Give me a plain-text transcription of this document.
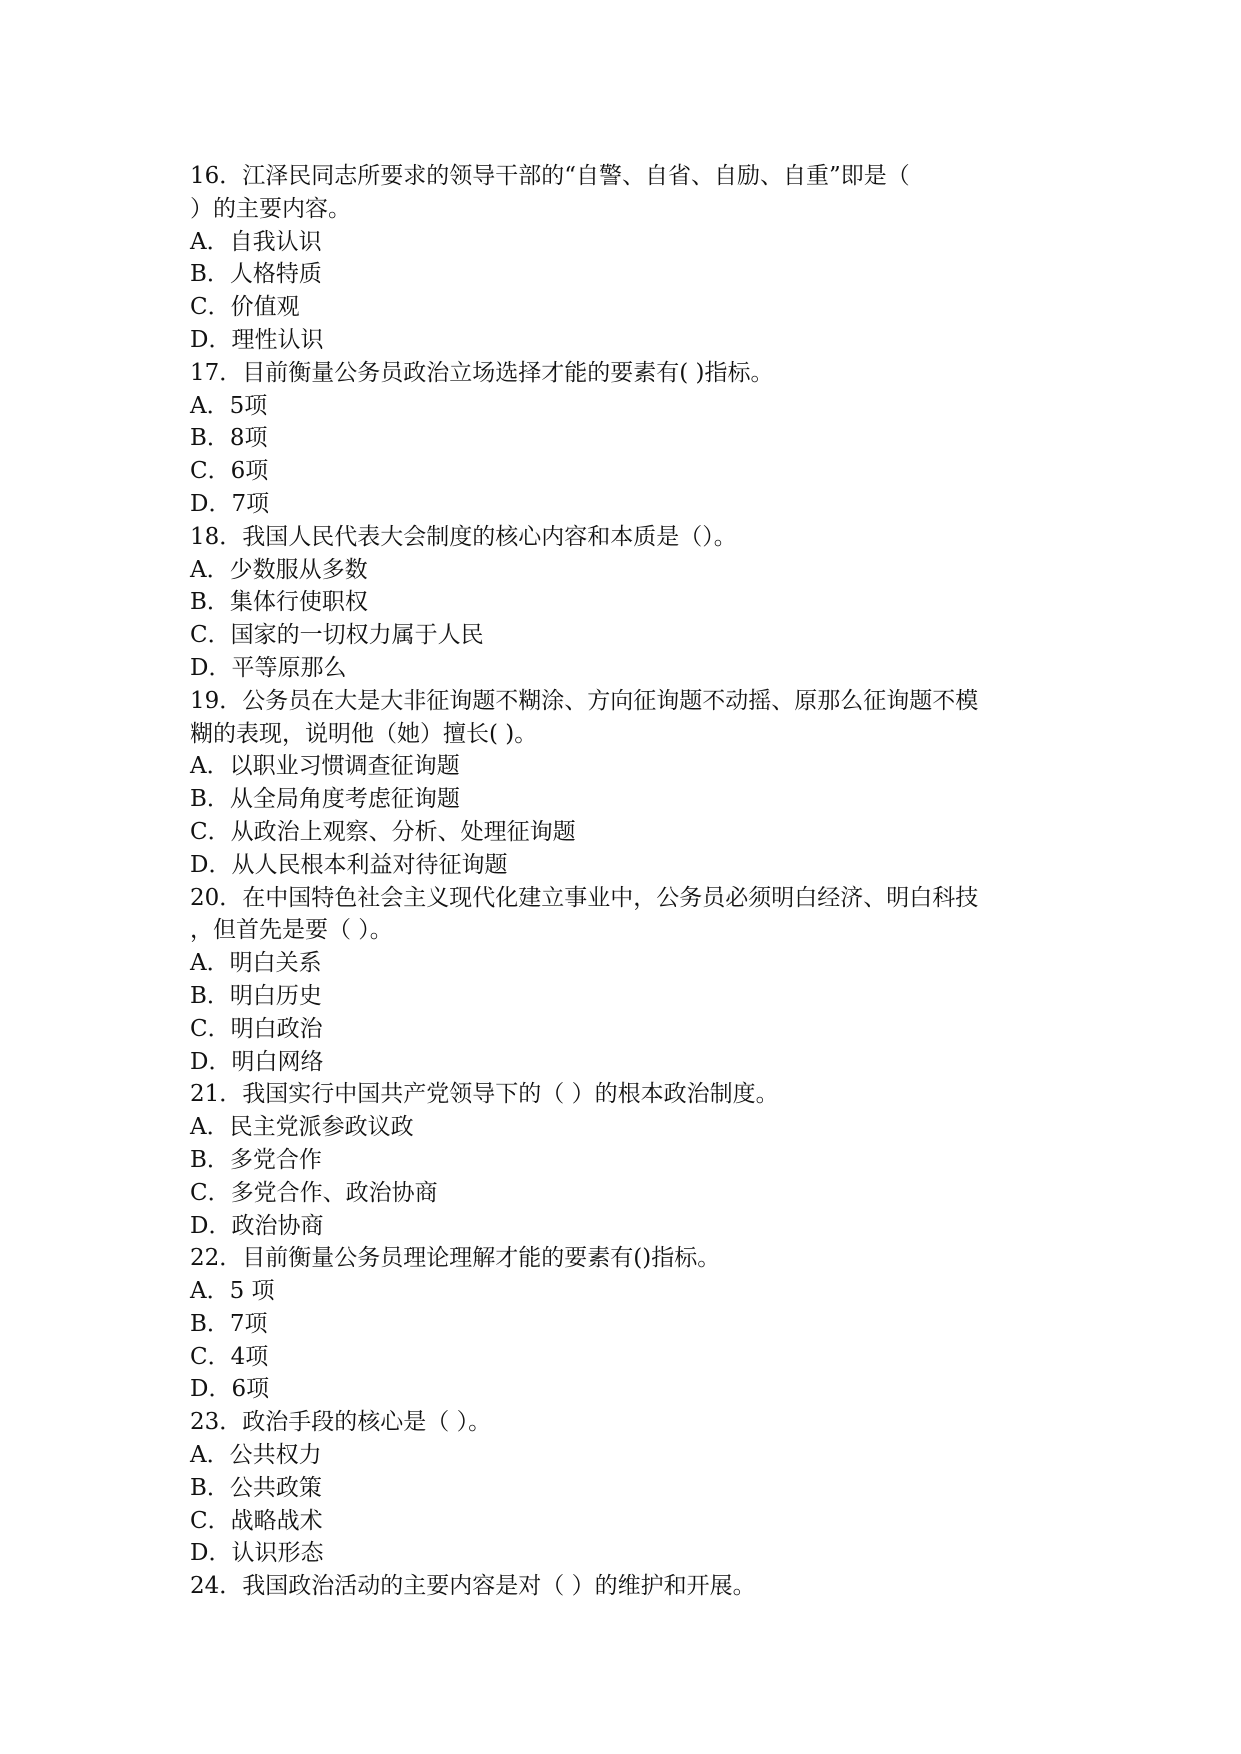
16．江泽民同志所要求的领导干部的“自警、自省、自励、自重”即是（

）的主要内容。

A．自我认识

B．人格特质

C．价值观

D．理性认识

17．目前衡量公务员政治立场选择才能的要素有( )指标。

A．5项

B．8项

C．6项

D．7项

18．我国人民代表大会制度的核心内容和本质是（）。

A．少数服从多数

B．集体行使职权

C．国家的一切权力属于人民

D．平等原那么

19．公务员在大是大非征询题不糊涂、方向征询题不动摇、原那么征询题不模

糊的表现，说明他（她）擅长( )。

A．以职业习惯调查征询题

B．从全局角度考虑征询题

C．从政治上观察、分析、处理征询题

D．从人民根本利益对待征询题

20．在中国特色社会主义现代化建立事业中，公务员必须明白经济、明白科技

，但首先是要（ ）。

A．明白关系

B．明白历史

C．明白政治

D．明白网络

21．我国实行中国共产党领导下的（ ）的根本政治制度。

A．民主党派参政议政

B．多党合作

C．多党合作、政治协商

D．政治协商

22．目前衡量公务员理论理解才能的要素有()指标。

A．5 项

B．7项

C．4项

D．6项

23．政治手段的核心是（ ）。

A．公共权力

B．公共政策

C．战略战术

D．认识形态

24．我国政治活动的主要内容是对（ ）的维护和开展。
